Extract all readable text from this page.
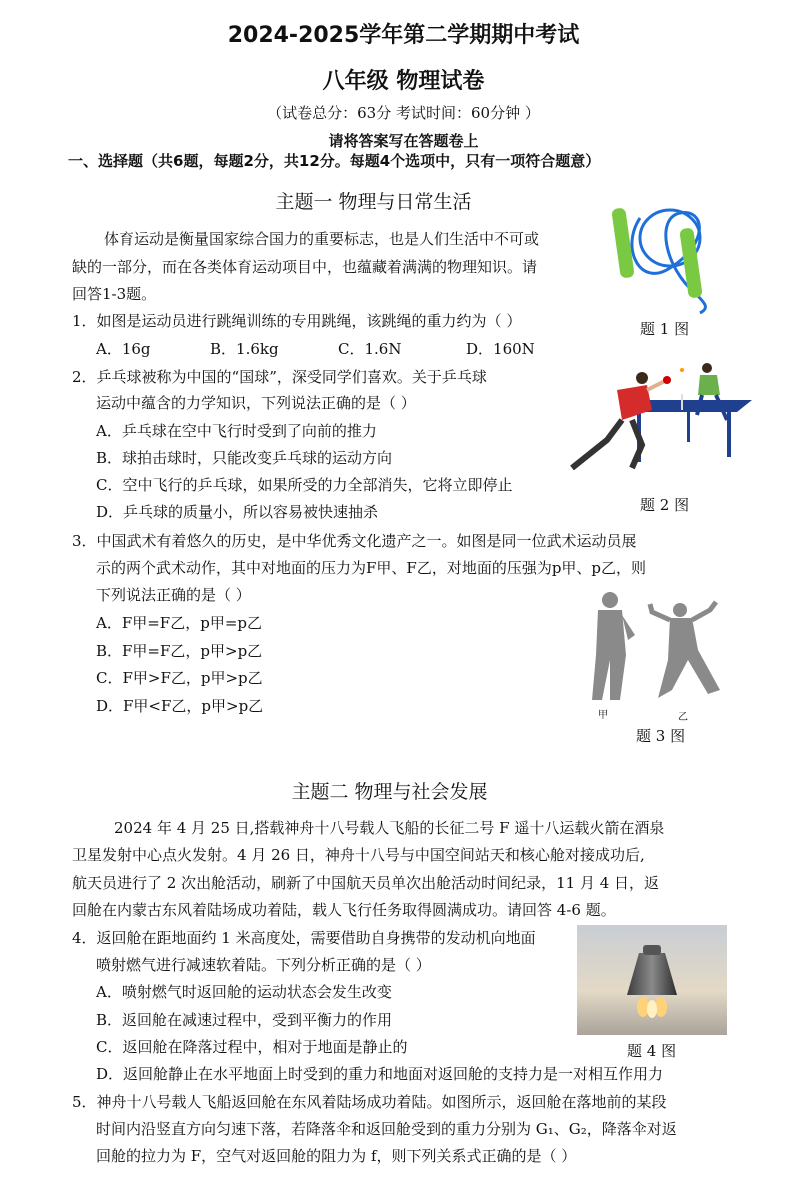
2024-2025学年第二学期期中考试
八年级 物理试卷
（试卷总分：63分 考试时间：60分钟 ）
请将答案写在答题卷上
一、选择题（共6题，每题2分，共12分。每题4个选项中，只有一项符合题意）
主题一 物理与日常生活
体育运动是衡量国家综合国力的重要标志，也是人们生活中不可或
缺的一部分，而在各类体育运动项目中，也蕴藏着满满的物理知识。请
回答1-3题。
1．如图是运动员进行跳绳训练的专用跳绳，该跳绳的重力约为（ ）
A．16g	B．1.6kg	C．1.6N	D．160N
题 1 图
2．乒乓球被称为中国的“国球”，深受同学们喜欢。关于乒乓球
运动中蕴含的力学知识，下列说法正确的是（ ）
A．乒乓球在空中飞行时受到了向前的推力
B．球拍击球时，只能改变乒乓球的运动方向
C．空中飞行的乒乓球，如果所受的力全部消失，它将立即停止
D．乒乓球的质量小，所以容易被快速抽杀	题 2 图
3．中国武术有着悠久的历史，是中华优秀文化遗产之一。如图是同一位武术运动员展
示的两个武术动作，其中对地面的压力为F甲、F乙，对地面的压强为p甲、p乙，则
下列说法正确的是（ ）
A．F甲=F乙，p甲=p乙
B．F甲=F乙，p甲>p乙
C．F甲>F乙，p甲>p乙
D．F甲<F乙，p甲>p乙
甲	乙
题 3 图
主题二 物理与社会发展
2024 年 4 月 25 日,搭载神舟十八号载人飞船的长征二号 F 遥十八运载火箭在酒泉
卫星发射中心点火发射。4 月 26 日，神舟十八号与中国空间站天和核心舱对接成功后,
航天员进行了 2 次出舱活动，刷新了中国航天员单次出舱活动时间纪录，11 月 4 日，返
回舱在内蒙古东风着陆场成功着陆，载人飞行任务取得圆满成功。请回答 4-6 题。
4．返回舱在距地面约 1 米高度处，需要借助自身携带的发动机向地面
喷射燃气进行减速软着陆。下列分析正确的是（ ）
A．喷射燃气时返回舱的运动状态会发生改变
B．返回舱在减速过程中，受到平衡力的作用
C．返回舱在降落过程中，相对于地面是静止的
D．返回舱静止在水平地面上时受到的重力和地面对返回舱的支持力是一对相互作用力
题 4 图
5．神舟十八号载人飞船返回舱在东风着陆场成功着陆。如图所示，返回舱在落地前的某段
时间内沿竖直方向匀速下落，若降落伞和返回舱受到的重力分别为 G₁、G₂，降落伞对返
回舱的拉力为 F，空气对返回舱的阻力为 f，则下列关系式正确的是（ ）
